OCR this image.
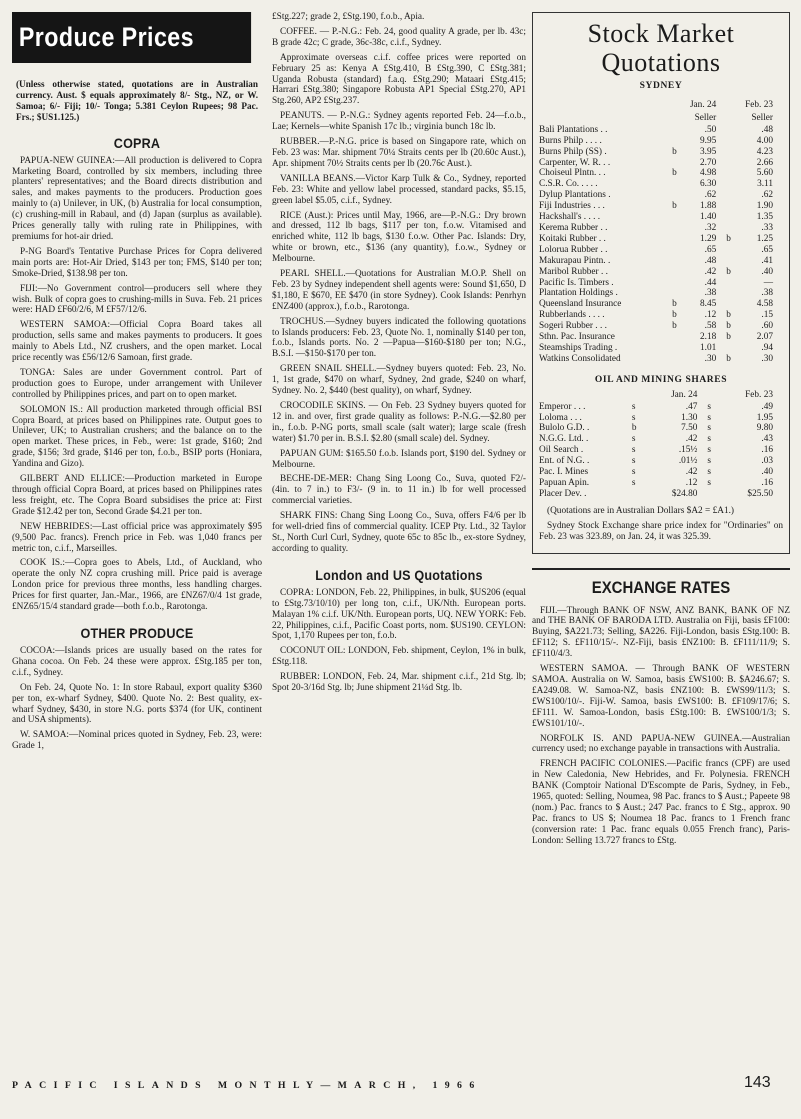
Produce Prices

(Unless otherwise stated, quotations are in Australian currency. Aust. $ equals approximately 8/- Stg., NZ, or W. Samoa; 6/- Fiji; 10/- Tonga; 5.381 Ceylon Rupees; 98 Pac. Frs.; $US1.125.)

COPRA

PAPUA-NEW GUINEA:—All production is delivered to Copra Marketing Board, controlled by six members, including three planters' representatives; and the Board directs distribution and sales, and makes payments to the producers. Production goes mainly to (a) Unilever, in UK, (b) Australia for local consumption, (c) crushing-mill in Rabaul, and (d) Japan (surplus as available). Prices generally tally with ruling rate in Philippines, with premiums for hot-air dried.

P-NG Board's Tentative Purchase Prices for Copra delivered main ports are: Hot-Air Dried, $143 per ton; FMS, $140 per ton; Smoke-Dried, $138.98 per ton.

FIJI:—No Government control—producers sell where they wish. Bulk of copra goes to crushing-mills in Suva. Feb. 21 prices were: HAD £F60/2/6, M £F57/12/6.

WESTERN SAMOA:—Official Copra Board takes all production, sells same and makes payments to producers. It goes mainly to Abels Ltd., NZ crushers, and the open market. Local price recently was £56/12/6 Samoan, first grade.

TONGA: Sales are under Government control. Part of production goes to Europe, under arrangement with Unilever controlled by Philippines prices, and part on to open market.

SOLOMON IS.: All production marketed through official BSI Copra Board, at prices based on Philippines rate. Output goes to Unilever, UK; to Australian crushers; and the balance on to the open market. These prices, in Feb., were: 1st grade, $160; 2nd grade, $156; 3rd grade, $146 per ton, f.o.b., BSIP ports (Honiara, Yandina and Gizo).

GILBERT AND ELLICE:—Production marketed in Europe through official Copra Board, at prices based on Philippines rates less freight, etc. The Copra Board subsidises the price at: First Grade $12.42 per ton, Second Grade $4.21 per ton.

NEW HEBRIDES:—Last official price was approximately $95 (9,500 Pac. francs). French price in Feb. was 1,040 francs per metric ton, c.i.f., Marseilles.

COOK IS.:—Copra goes to Abels, Ltd., of Auckland, who operate the only NZ copra crushing mill. Price paid is average London price for previous three months, less handling charges. Prices for first quarter, Jan.-Mar., 1966, are £NZ67/0/4 1st grade, £NZ65/15/4 standard grade—both f.o.b., Rarotonga.

OTHER PRODUCE

COCOA:—Islands prices are usually based on the rates for Ghana cocoa. On Feb. 24 these were approx. £Stg.185 per ton, c.i.f., Sydney.

On Feb. 24, Quote No. 1: In store Rabaul, export quality $360 per ton, ex-wharf Sydney, $400. Quote No. 2: Best quality, ex-wharf Sydney, $430, in store N.G. ports $374 (for UK, continent and USA shipments).

W. SAMOA:—Nominal prices quoted in Sydney, Feb. 23, were: Grade 1,

£Stg.227; grade 2, £Stg.190, f.o.b., Apia.

COFFEE. — P.-N.G.: Feb. 24, good quality A grade, per lb. 43c; B grade 42c; C grade, 36c-38c, c.i.f., Sydney.

Approximate overseas c.i.f. coffee prices were reported on February 25 as: Kenya A £Stg.410, B £Stg.390, C £Stg.381; Uganda Robusta (standard) f.a.q. £Stg.290; Mataari £Stg.415; Harrari £Stg.380; Singapore Robusta AP1 Special £Stg.270, AP1 Stg.260, AP2 £Stg.237.

PEANUTS. — P.-N.G.: Sydney agents reported Feb. 24—f.o.b., Lae; Kernels—white Spanish 17c lb.; virginia bunch 18c lb.

RUBBER.—P.-N.G. price is based on Singapore rate, which on Feb. 23 was: Mar. shipment 70¼ Straits cents per lb (20.60c Aust.), Apr. shipment 70½ Straits cents per lb (20.76c Aust.).

VANILLA BEANS.—Victor Karp Tulk & Co., Sydney, reported Feb. 23: White and yellow label processed, standard packs, $5.15, green label $5.05, c.i.f., Sydney.

RICE (Aust.): Prices until May, 1966, are—P.-N.G.: Dry brown and dressed, 112 lb bags, $117 per ton, f.o.w. Vitamised and enriched white, 112 lb bags, $130 f.o.w. Other Pac. Islands: Dry, white or brown, etc., $136 (any quantity), f.o.w., Sydney or Melbourne.

PEARL SHELL.—Quotations for Australian M.O.P. Shell on Feb. 23 by Sydney independent shell agents were: Sound $1,650, D $1,180, E $670, EE $470 (in store Sydney). Cook Islands: Penrhyn £NZ400 (approx.), f.o.b., Rarotonga.

TROCHUS.—Sydney buyers indicated the following quotations to Islands producers: Feb. 23, Quote No. 1, nominally $140 per ton, f.o.b., Islands ports. No. 2 —Papua—$160-$180 per ton; N.G., B.S.I. —$150-$170 per ton.

GREEN SNAIL SHELL.—Sydney buyers quoted: Feb. 23, No. 1, 1st grade, $470 on wharf, Sydney, 2nd grade, $240 on wharf, Sydney. No. 2, $440 (best quality), on wharf, Sydney.

CROCODILE SKINS. — On Feb. 23 Sydney buyers quoted for 12 in. and over, first grade quality as follows: P.-N.G.—$2.80 per in., f.o.b. P-NG ports, small scale (salt water); large scale (fresh water) $1.70 per in. B.S.I. $2.80 (small scale) del. Sydney.

PAPUAN GUM: $165.50 f.o.b. Islands port, $190 del. Sydney or Melbourne.

BECHE-DE-MER: Chang Sing Loong Co., Suva, quoted F2/- (4in. to 7 in.) to F3/- (9 in. to 11 in.) lb for well processed commercial varieties.

SHARK FINS: Chang Sing Loong Co., Suva, offers F4/6 per lb for well-dried fins of commercial quality. ICEP Pty. Ltd., 32 Taylor St., North Curl Curl, Sydney, quote 65c to 85c lb., ex-store Sydney, according to quality.

London and US Quotations

COPRA: LONDON, Feb. 22, Philippines, in bulk, $US206 (equal to £Stg.73/10/10) per long ton, c.i.f., UK/Nth. European ports. Malayan 1% c.i.f. UK/Nth. European ports, UQ. NEW YORK: Feb. 22, Philippines, c.i.f., Pacific Coast ports, nom. $US190. CEYLON: Spot, 1,170 Rupees per ton, f.o.b.

COCONUT OIL: LONDON, Feb. shipment, Ceylon, 1% in bulk, £Stg.118.

RUBBER: LONDON, Feb. 24, Mar. shipment c.i.f., 21d Stg. lb; Spot 20-3/16d Stg. lb; June shipment 21¼d Stg. lb.

Stock Market Quotations
SYDNEY
	Jan. 24		Feb. 23	
	Seller		Seller	
Bali Plantations . .		.50		.48
Burns Philp . . . .		9.95		4.00
Burns Philp (SS) .	b	3.95		4.23
Carpenter, W. R. . .		2.70		2.66
Choiseul Plntn. . .	b	4.98		5.60
C.S.R. Co. . . . .		6.30		3.11
Dylup Plantations .		.62		.62
Fiji Industries . . .	b	1.88		1.90
Hackshall's . . . .		1.40		1.35
Kerema Rubber . .		.32		.33
Koitaki Rubber . .		1.29	b	1.25
Lolorua Rubber . .		.65		.65
Makurapau Pintn. .		.48		.41
Maribol Rubber . .		.42	b	.40
Pacific Is. Timbers .		.44		—
Plantation Holdings .		.38		.38
Queensland Insurance	b	8.45		4.58
Rubberlands . . . .	b	.12	b	.15
Sogeri Rubber . . .	b	.58	b	.60
Sthn. Pac. Insurance		2.18	b	2.07
Steamships Trading .		1.01		.94
Watkins Consolidated		.30	b	.30
OIL AND MINING SHARES
	Jan. 24		Feb. 23	
Emperor . . .	s	.47	s	.49
Loloma . . .	s	1.30	s	1.95
Bulolo G.D. .	b	7.50	s	9.80
N.G.G. Ltd. .	s	.42	s	.43
Oil Search .	s	.15½	s	.16
Ent. of N.G. .	s	.01½	s	.03
Pac. I. Mines	s	.42	s	.40
Papuan Apin.	s	.12	s	.16
Placer Dev. .		$24.80		$25.50

(Quotations are in Australian Dollars $A2 = £A1.)

Sydney Stock Exchange share price index for "Ordinaries" on Feb. 23 was 323.89, on Jan. 24, it was 325.39.

EXCHANGE RATES

FIJI.—Through BANK OF NSW, ANZ BANK, BANK OF NZ and THE BANK OF BARODA LTD. Australia on Fiji, basis £F100: Buying, $A221.73; Selling, $A226. Fiji-London, basis £Stg.100: B. £F112; S. £F110/15/-. NZ-Fiji, basis £NZ100: B. £F111/11/9; S. £F110/4/3.

WESTERN SAMOA. — Through BANK OF WESTERN SAMOA. Australia on W. Samoa, basis £WS100: B. $A246.67; S. £A249.08. W. Samoa-NZ, basis £NZ100: B. £WS99/11/3; S. £WS100/10/-. Fiji-W. Samoa, basis £WS100: B. £F109/17/6; S. £F111. W. Samoa-London, basis £Stg.100: B. £WS100/1/3; S. £WS101/10/-.

NORFOLK IS. AND PAPUA-NEW GUINEA.—Australian currency used; no exchange payable in transactions with Australia.

FRENCH PACIFIC COLONIES.—Pacific francs (CPF) are used in New Caledonia, New Hebrides, and Fr. Polynesia. FRENCH BANK (Comptoir National D'Escompte de Paris, Sydney, in Feb., 1965, quoted: Selling, Noumea, 98 Pac. francs to $ Aust.; Papeete 98 (nom.) Pac. francs to $ Aust.; 247 Pac. francs to £ Stg., approx. 90 Pac. francs to US $; Noumea 18 Pac. francs to 1 French franc (conversion rate: 1 Pac. franc equals 0.055 French franc), Paris-London: Selling 13.727 francs to £Stg.

PACIFIC ISLANDS MONTHLY—MARCH, 1966	143
